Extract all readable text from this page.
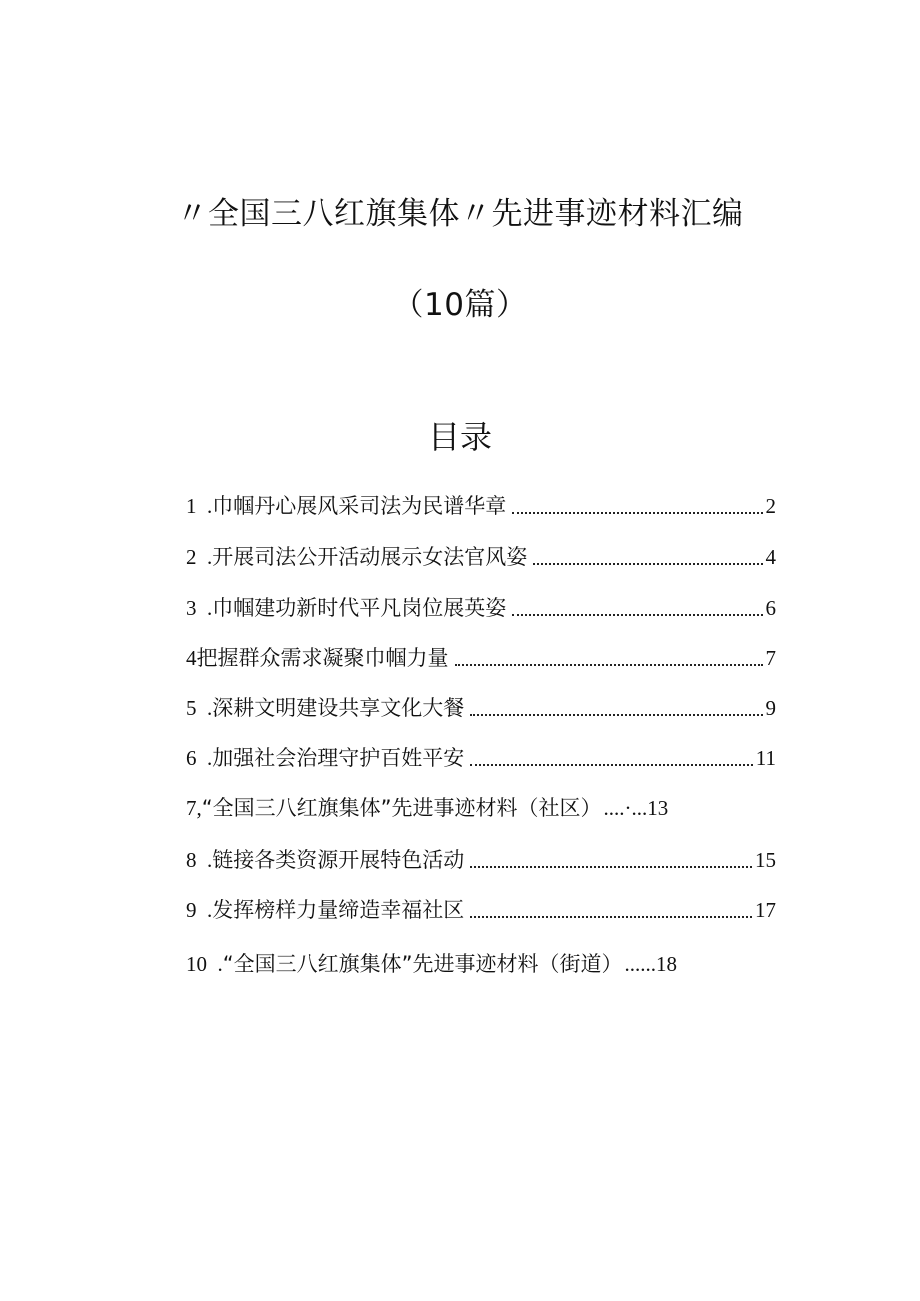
〃全国三八红旗集体〃先进事迹材料汇编
（10篇）
目录
1 . 巾帼丹心展风采司法为民谱华章	2
2 . 开展司法公开活动展示女法官风姿	4
3 . 巾帼建功新时代平凡岗位展英姿	6
4 把握群众需求凝聚巾帼力量	7
5 . 深耕文明建设共享文化大餐	9
6 . 加强社会治理守护百姓平安	11
7, “全国三八红旗集体”先进事迹材料（社区） ....·... 13
8 . 链接各类资源开展特色活动	15
9 . 发挥榜样力量缔造幸福社区	17
10 . “全国三八红旗集体”先进事迹材料（街道） ...... 18
